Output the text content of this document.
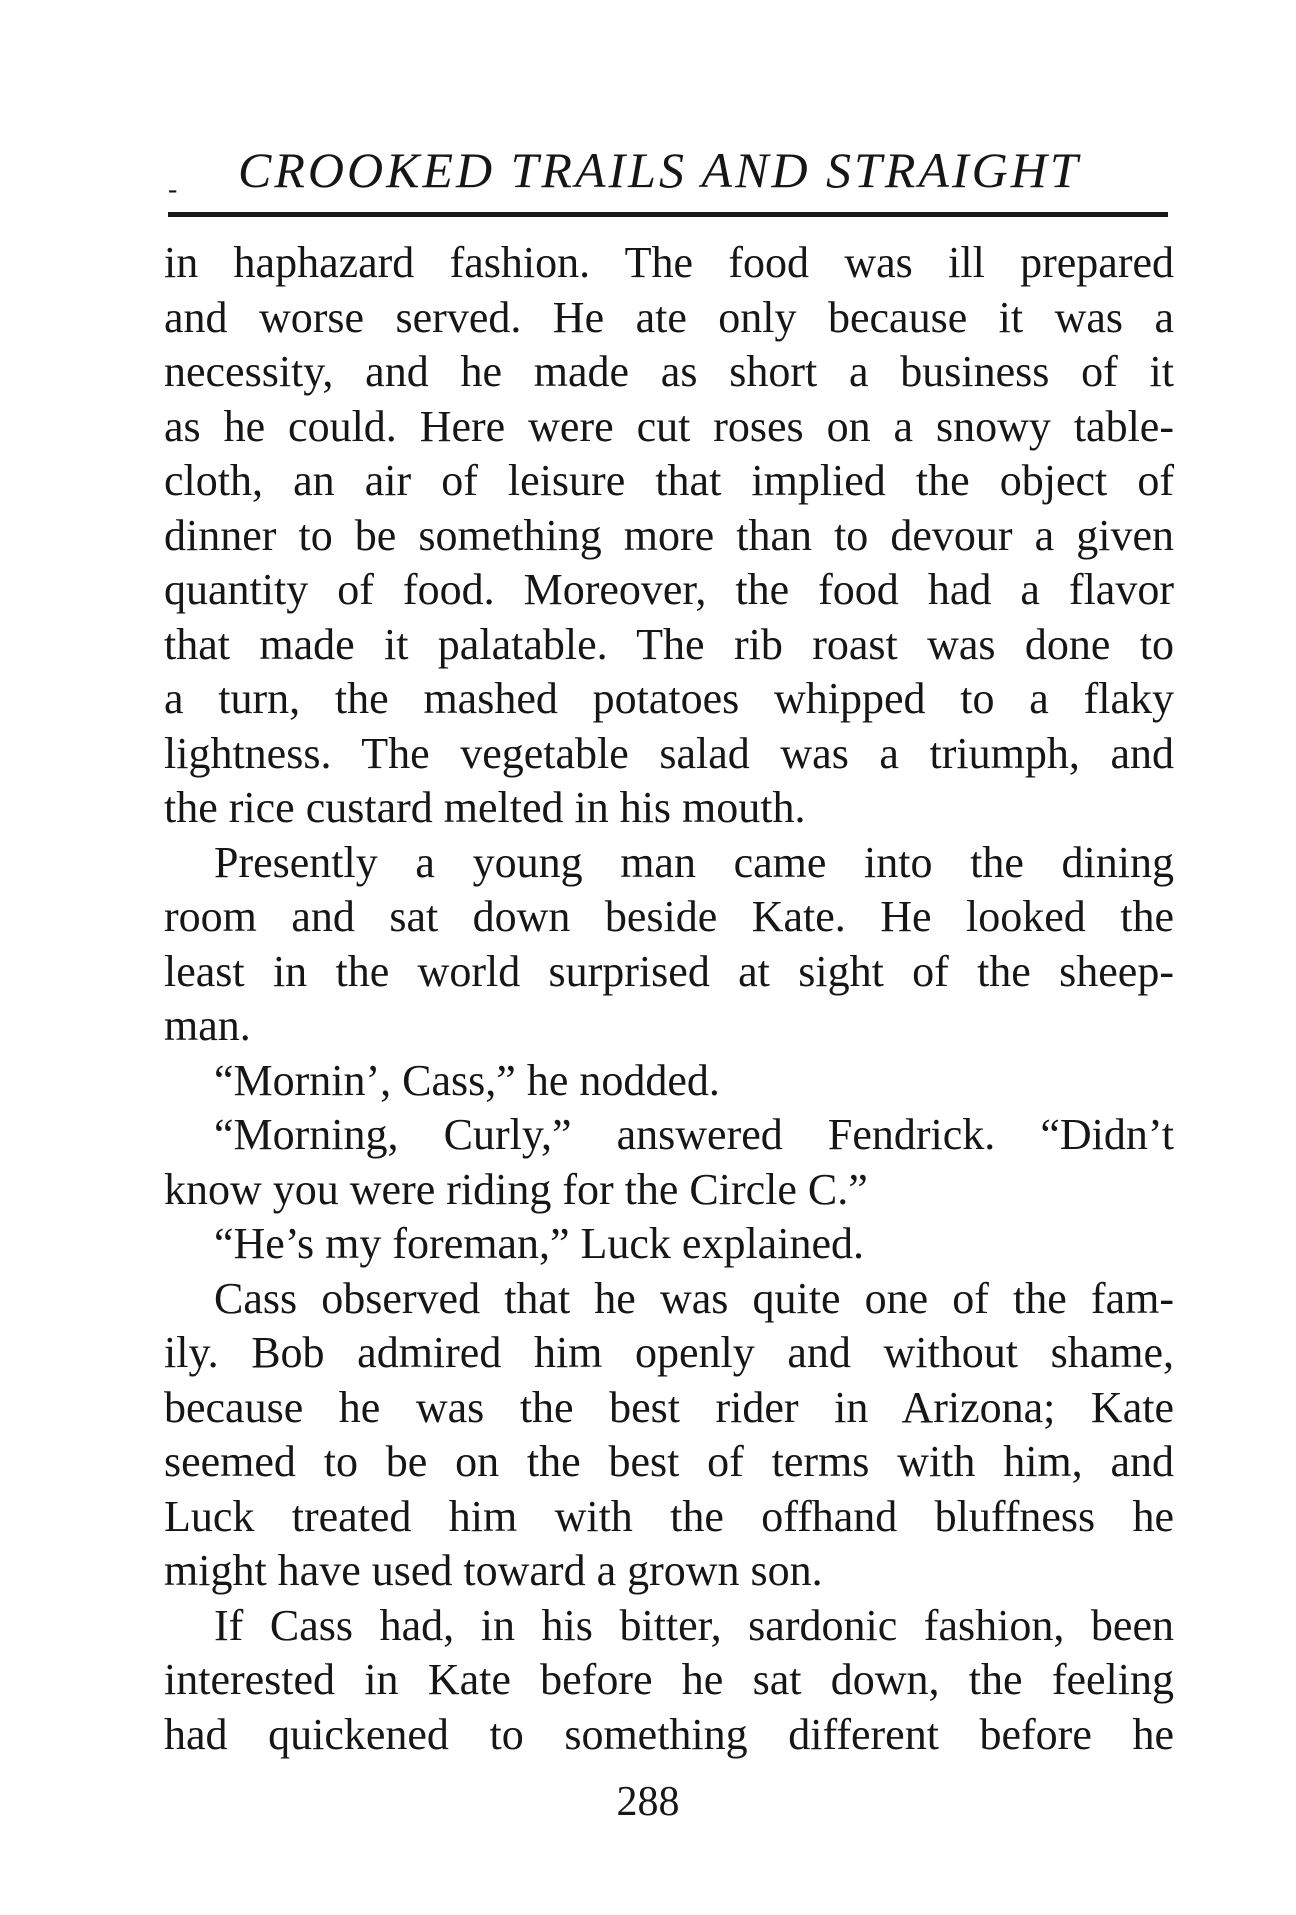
- CROOKED TRAILS AND STRAIGHT
in haphazard fashion. The food was ill prepared
and worse served. He ate only because it was a
necessity, and he made as short a business of it
as he could. Here were cut roses on a snowy table-
cloth, an air of leisure that implied the object of
dinner to be something more than to devour a given
quantity of food. Moreover, the food had a flavor
that made it palatable. The rib roast was done to
a turn, the mashed potatoes whipped to a flaky
lightness. The vegetable salad was a triumph, and
the rice custard melted in his mouth.
Presently a young man came into the dining
room and sat down beside Kate. He looked the
least in the world surprised at sight of the sheep-
man.
“Mornin’, Cass,” he nodded.
“Morning, Curly,” answered Fendrick. “Didn’t
know you were riding for the Circle C.”
“He’s my foreman,” Luck explained.
Cass observed that he was quite one of the fam-
ily. Bob admired him openly and without shame,
because he was the best rider in Arizona; Kate
seemed to be on the best of terms with him, and
Luck treated him with the offhand bluffness he
might have used toward a grown son.
If Cass had, in his bitter, sardonic fashion, been
interested in Kate before he sat down, the feeling
had quickened to something different before he
288
